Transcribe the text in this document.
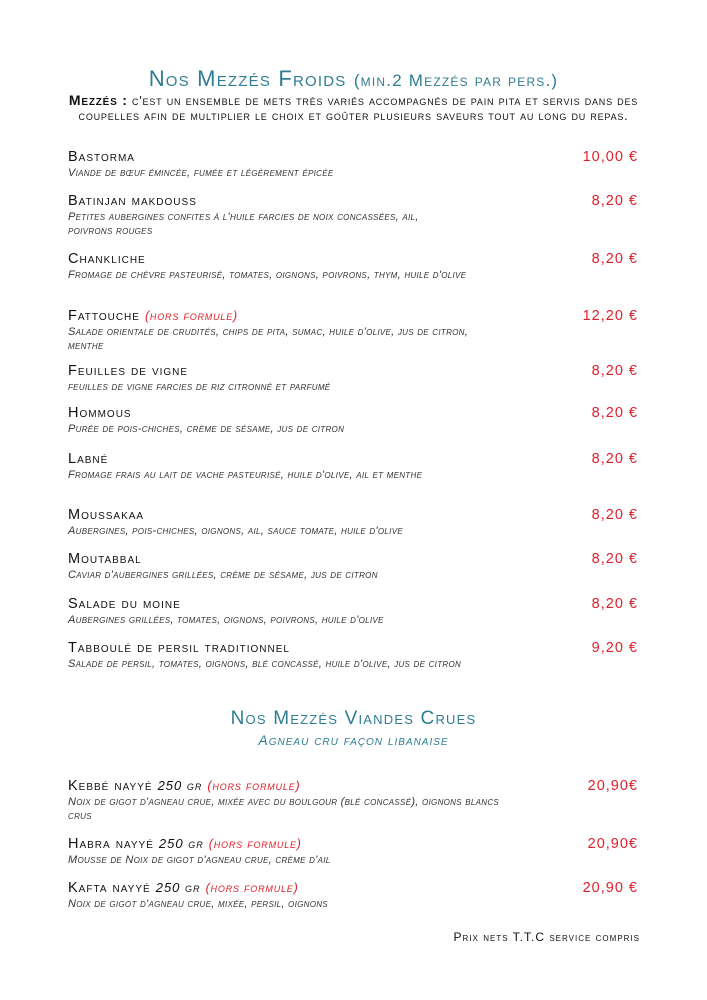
Nos Mezzés Froids (min.2 Mezzés par pers.)
Mezzés : c'est un ensemble de mets très variés accompagnés de pain pita et servis dans des coupelles afin de multiplier le choix et goûter plusieurs saveurs tout au long du repas.
Bastorma
Viande de bœuf émincée, fumée et légèrement épicée
10,00 €
Batinjan makdouss
Petites aubergines confites à l'huile farcies de noix concassées, ail, poivrons rouges
8,20 €
Chankliche
Fromage de chèvre pasteurisé, tomates, oignons, poivrons, thym, huile d'olive
8,20 €
Fattouche (hors formule)
Salade orientale de crudités, chips de pita, sumac, huile d'olive, jus de citron, menthe
12,20 €
Feuilles de vigne
feuilles de vigne farcies de riz citronné et parfumé
8,20 €
Hommous
Purée de pois-chiches, crème de sésame, jus de citron
8,20 €
Labné
Fromage frais au lait de vache pasteurisé, huile d'olive, ail et menthe
8,20 €
Moussakaa
Aubergines, pois-chiches, oignons, ail, sauce tomate, huile d'olive
8,20 €
Moutabbal
Caviar d'aubergines grillées, crème de sésame, jus de citron
8,20 €
Salade du moine
Aubergines grillées, tomates, oignons, poivrons, huile d'olive
8,20 €
Tabboulé de persil traditionnel
Salade de persil, tomates, oignons, blé concassé, huile d'olive, jus de citron
9,20 €
Nos Mezzés Viandes Crues
Agneau cru façon libanaise
Kebbé nayyé 250 gr (hors formule)
Noix de gigot d'agneau crue, mixée avec du boulgour (blé concassé), oignons blancs crus
20,90€
Habra nayyé 250 gr (hors formule)
Mousse de Noix de gigot d'agneau crue, crème d'ail
20,90€
Kafta nayyé 250 gr (hors formule)
Noix de gigot d'agneau crue, mixée, persil, oignons
20,90 €
Prix nets T.T.C service compris
